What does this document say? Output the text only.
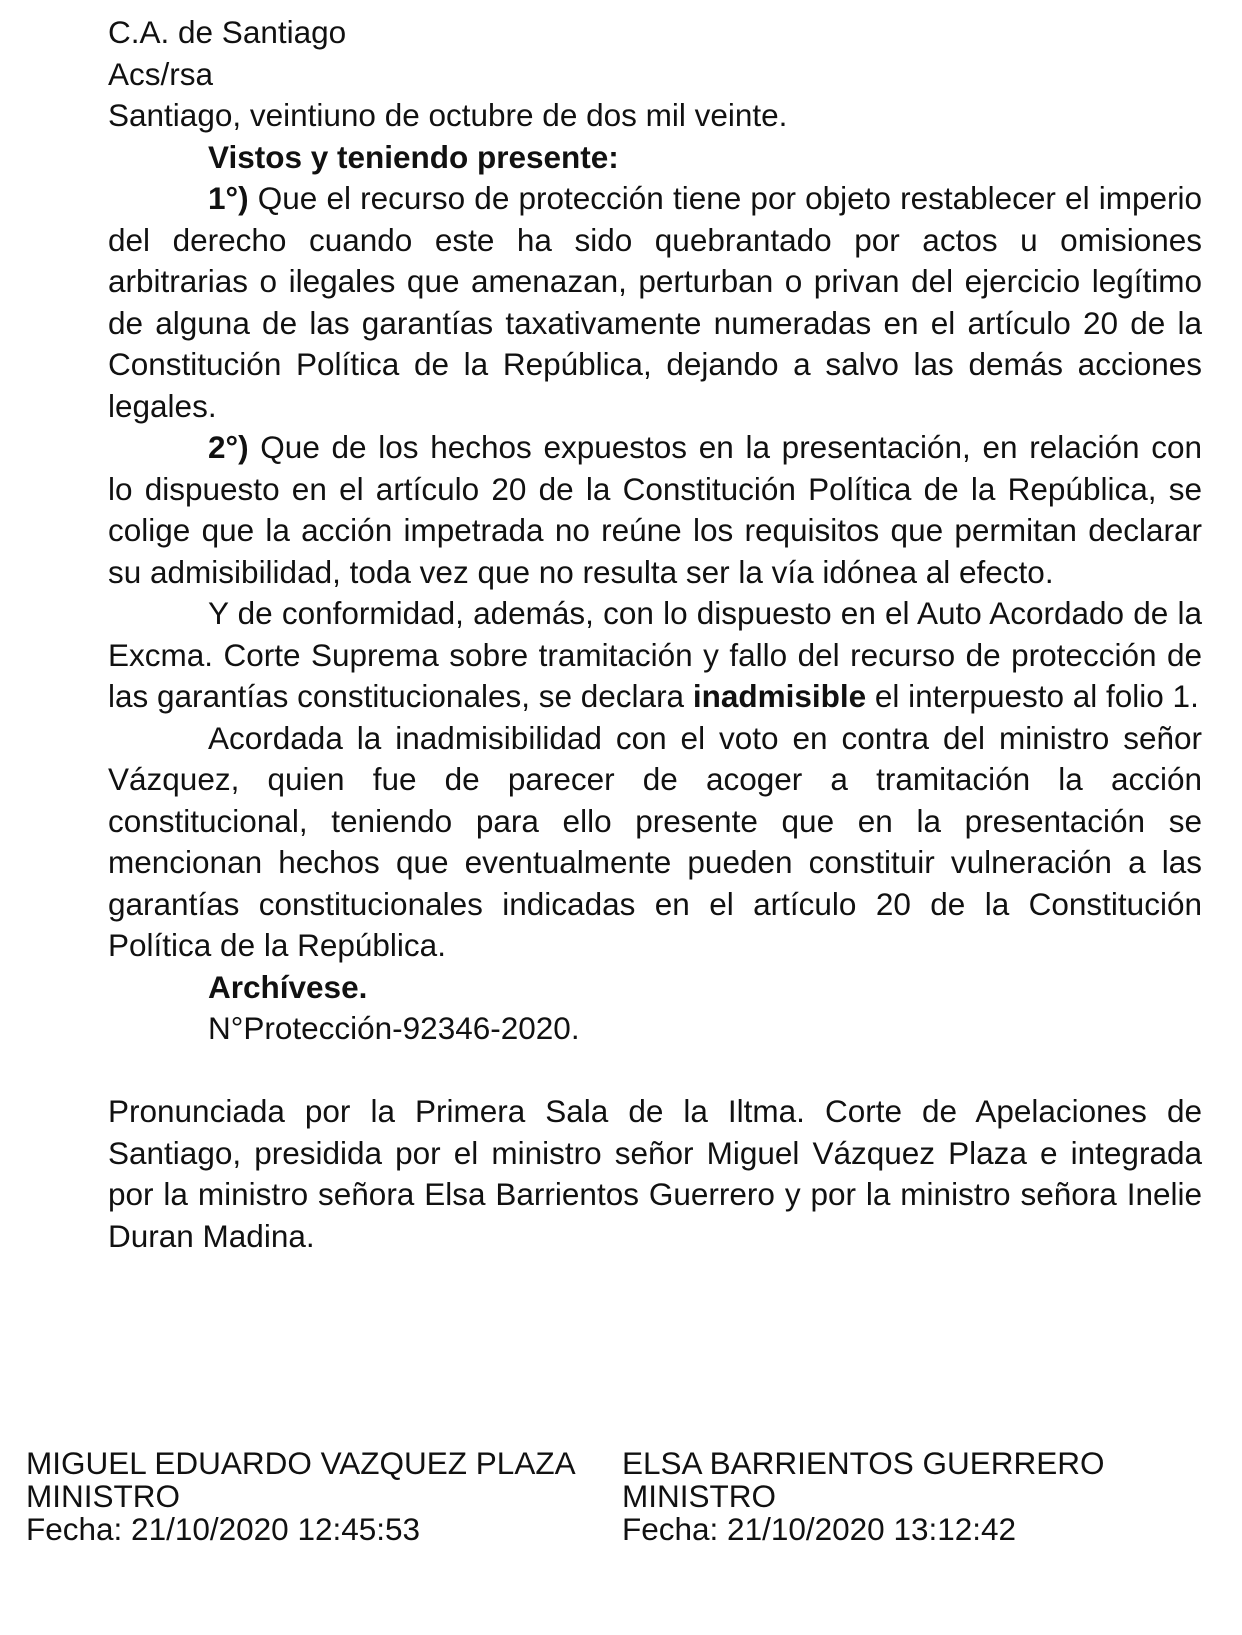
C.A. de Santiago

Acs/rsa

Santiago, veintiuno de octubre de dos mil veinte.

Vistos y teniendo presente:

1°) Que el recurso de protección tiene por objeto restablecer el imperio del derecho cuando este ha sido quebrantado por actos u omisiones arbitrarias o ilegales que amenazan, perturban o privan del ejercicio legítimo de alguna de las garantías taxativamente numeradas en el artículo 20 de la Constitución Política de la República, dejando a salvo las demás acciones legales.

2°) Que de los hechos expuestos en la presentación, en relación con lo dispuesto en el artículo 20 de la Constitución Política de la República, se colige que la acción impetrada no reúne los requisitos que permitan declarar su admisibilidad, toda vez que no resulta ser la vía idónea al efecto.

Y de conformidad, además, con lo dispuesto en el Auto Acordado de la Excma. Corte Suprema sobre tramitación y fallo del recurso de protección de las garantías constitucionales, se declara inadmisible el interpuesto al folio 1.

Acordada la inadmisibilidad con el voto en contra del ministro señor Vázquez, quien fue de parecer de acoger a tramitación la acción constitucional, teniendo para ello presente que en la presentación se mencionan hechos que eventualmente pueden constituir vulneración a las garantías constitucionales indicadas en el artículo 20 de la Constitución Política de la República.

Archívese.

N°Protección-92346-2020.

Pronunciada por la Primera Sala de la Iltma. Corte de Apelaciones de Santiago, presidida por el ministro señor Miguel Vázquez Plaza e integrada por la ministro señora Elsa Barrientos Guerrero y por la ministro señora Inelie Duran Madina.

MIGUEL EDUARDO VAZQUEZ PLAZA
MINISTRO
Fecha: 21/10/2020 12:45:53
ELSA BARRIENTOS GUERRERO
MINISTRO
Fecha: 21/10/2020 13:12:42
